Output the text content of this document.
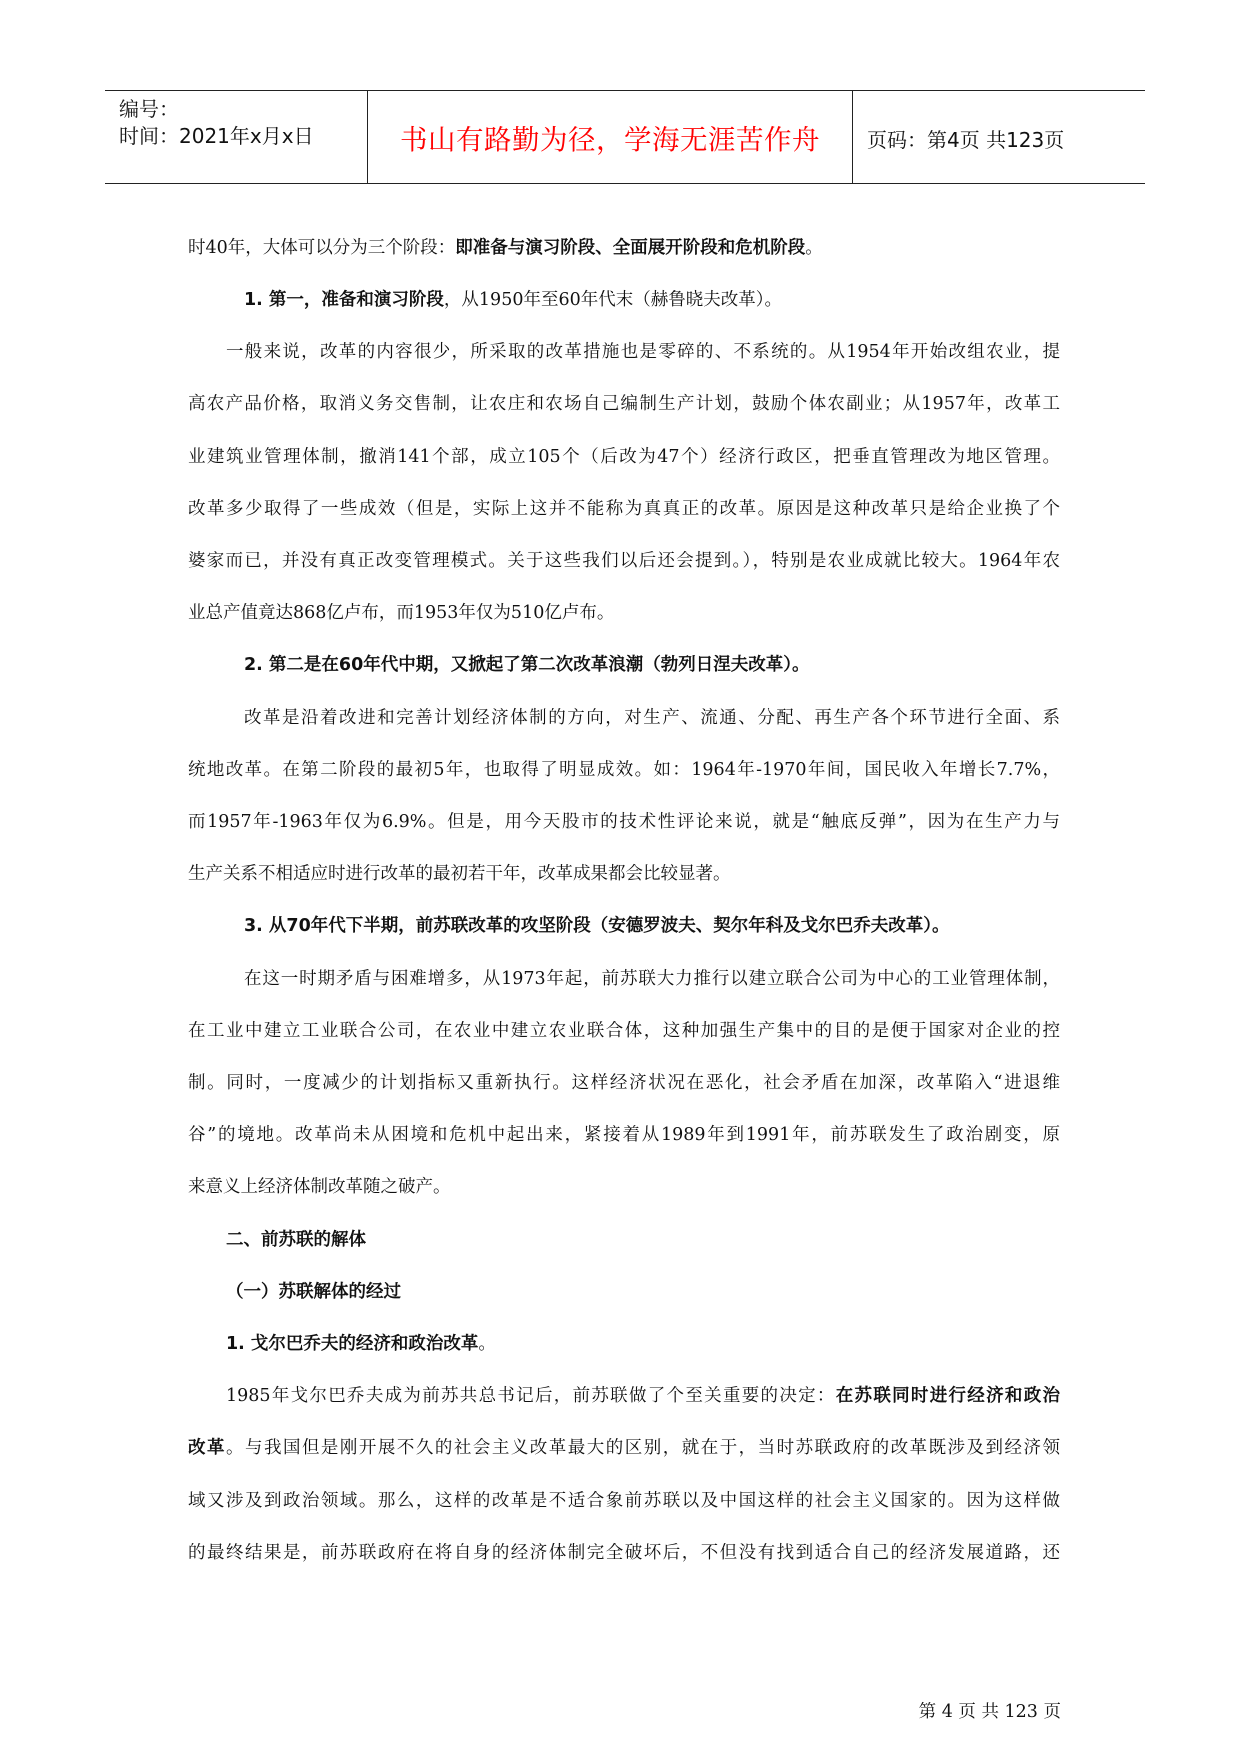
编号：
时间：2021年x月x日	书山有路勤为径，学海无涯苦作舟	页码：第4页 共123页
时40年，大体可以分为三个阶段：即准备与演习阶段、全面展开阶段和危机阶段。
1. 第一，准备和演习阶段，从1950年至60年代末（赫鲁晓夫改革）。
一般来说，改革的内容很少，所采取的改革措施也是零碎的、不系统的。从1954年开始改组农业，提
高农产品价格，取消义务交售制，让农庄和农场自己编制生产计划，鼓励个体农副业；从1957年，改革工
业建筑业管理体制，撤消141个部，成立105个（后改为47个）经济行政区，把垂直管理改为地区管理。
改革多少取得了一些成效（但是，实际上这并不能称为真真正的改革。原因是这种改革只是给企业换了个
婆家而已，并没有真正改变管理模式。关于这些我们以后还会提到。），特别是农业成就比较大。1964年农
业总产值竟达868亿卢布，而1953年仅为510亿卢布。
2. 第二是在60年代中期，又掀起了第二次改革浪潮（勃列日涅夫改革）。
改革是沿着改进和完善计划经济体制的方向，对生产、流通、分配、再生产各个环节进行全面、系
统地改革。在第二阶段的最初5年，也取得了明显成效。如：1964年-1970年间，国民收入年增长7.7%，
而1957年-1963年仅为6.9%。但是，用今天股市的技术性评论来说，就是“触底反弹”，因为在生产力与
生产关系不相适应时进行改革的最初若干年，改革成果都会比较显著。
3. 从70年代下半期，前苏联改革的攻坚阶段（安德罗波夫、契尔年科及戈尔巴乔夫改革）。
在这一时期矛盾与困难增多，从1973年起，前苏联大力推行以建立联合公司为中心的工业管理体制，
在工业中建立工业联合公司，在农业中建立农业联合体，这种加强生产集中的目的是便于国家对企业的控
制。同时，一度减少的计划指标又重新执行。这样经济状况在恶化，社会矛盾在加深，改革陷入“进退维
谷”的境地。改革尚未从困境和危机中起出来，紧接着从1989年到1991年，前苏联发生了政治剧变，原
来意义上经济体制改革随之破产。
二、前苏联的解体
（一）苏联解体的经过
1. 戈尔巴乔夫的经济和政治改革。
1985年戈尔巴乔夫成为前苏共总书记后，前苏联做了个至关重要的决定：在苏联同时进行经济和政治
改革。与我国但是刚开展不久的社会主义改革最大的区别，就在于，当时苏联政府的改革既涉及到经济领
域又涉及到政治领域。那么，这样的改革是不适合象前苏联以及中国这样的社会主义国家的。因为这样做
的最终结果是，前苏联政府在将自身的经济体制完全破坏后，不但没有找到适合自己的经济发展道路，还
第 4 页 共 123 页
